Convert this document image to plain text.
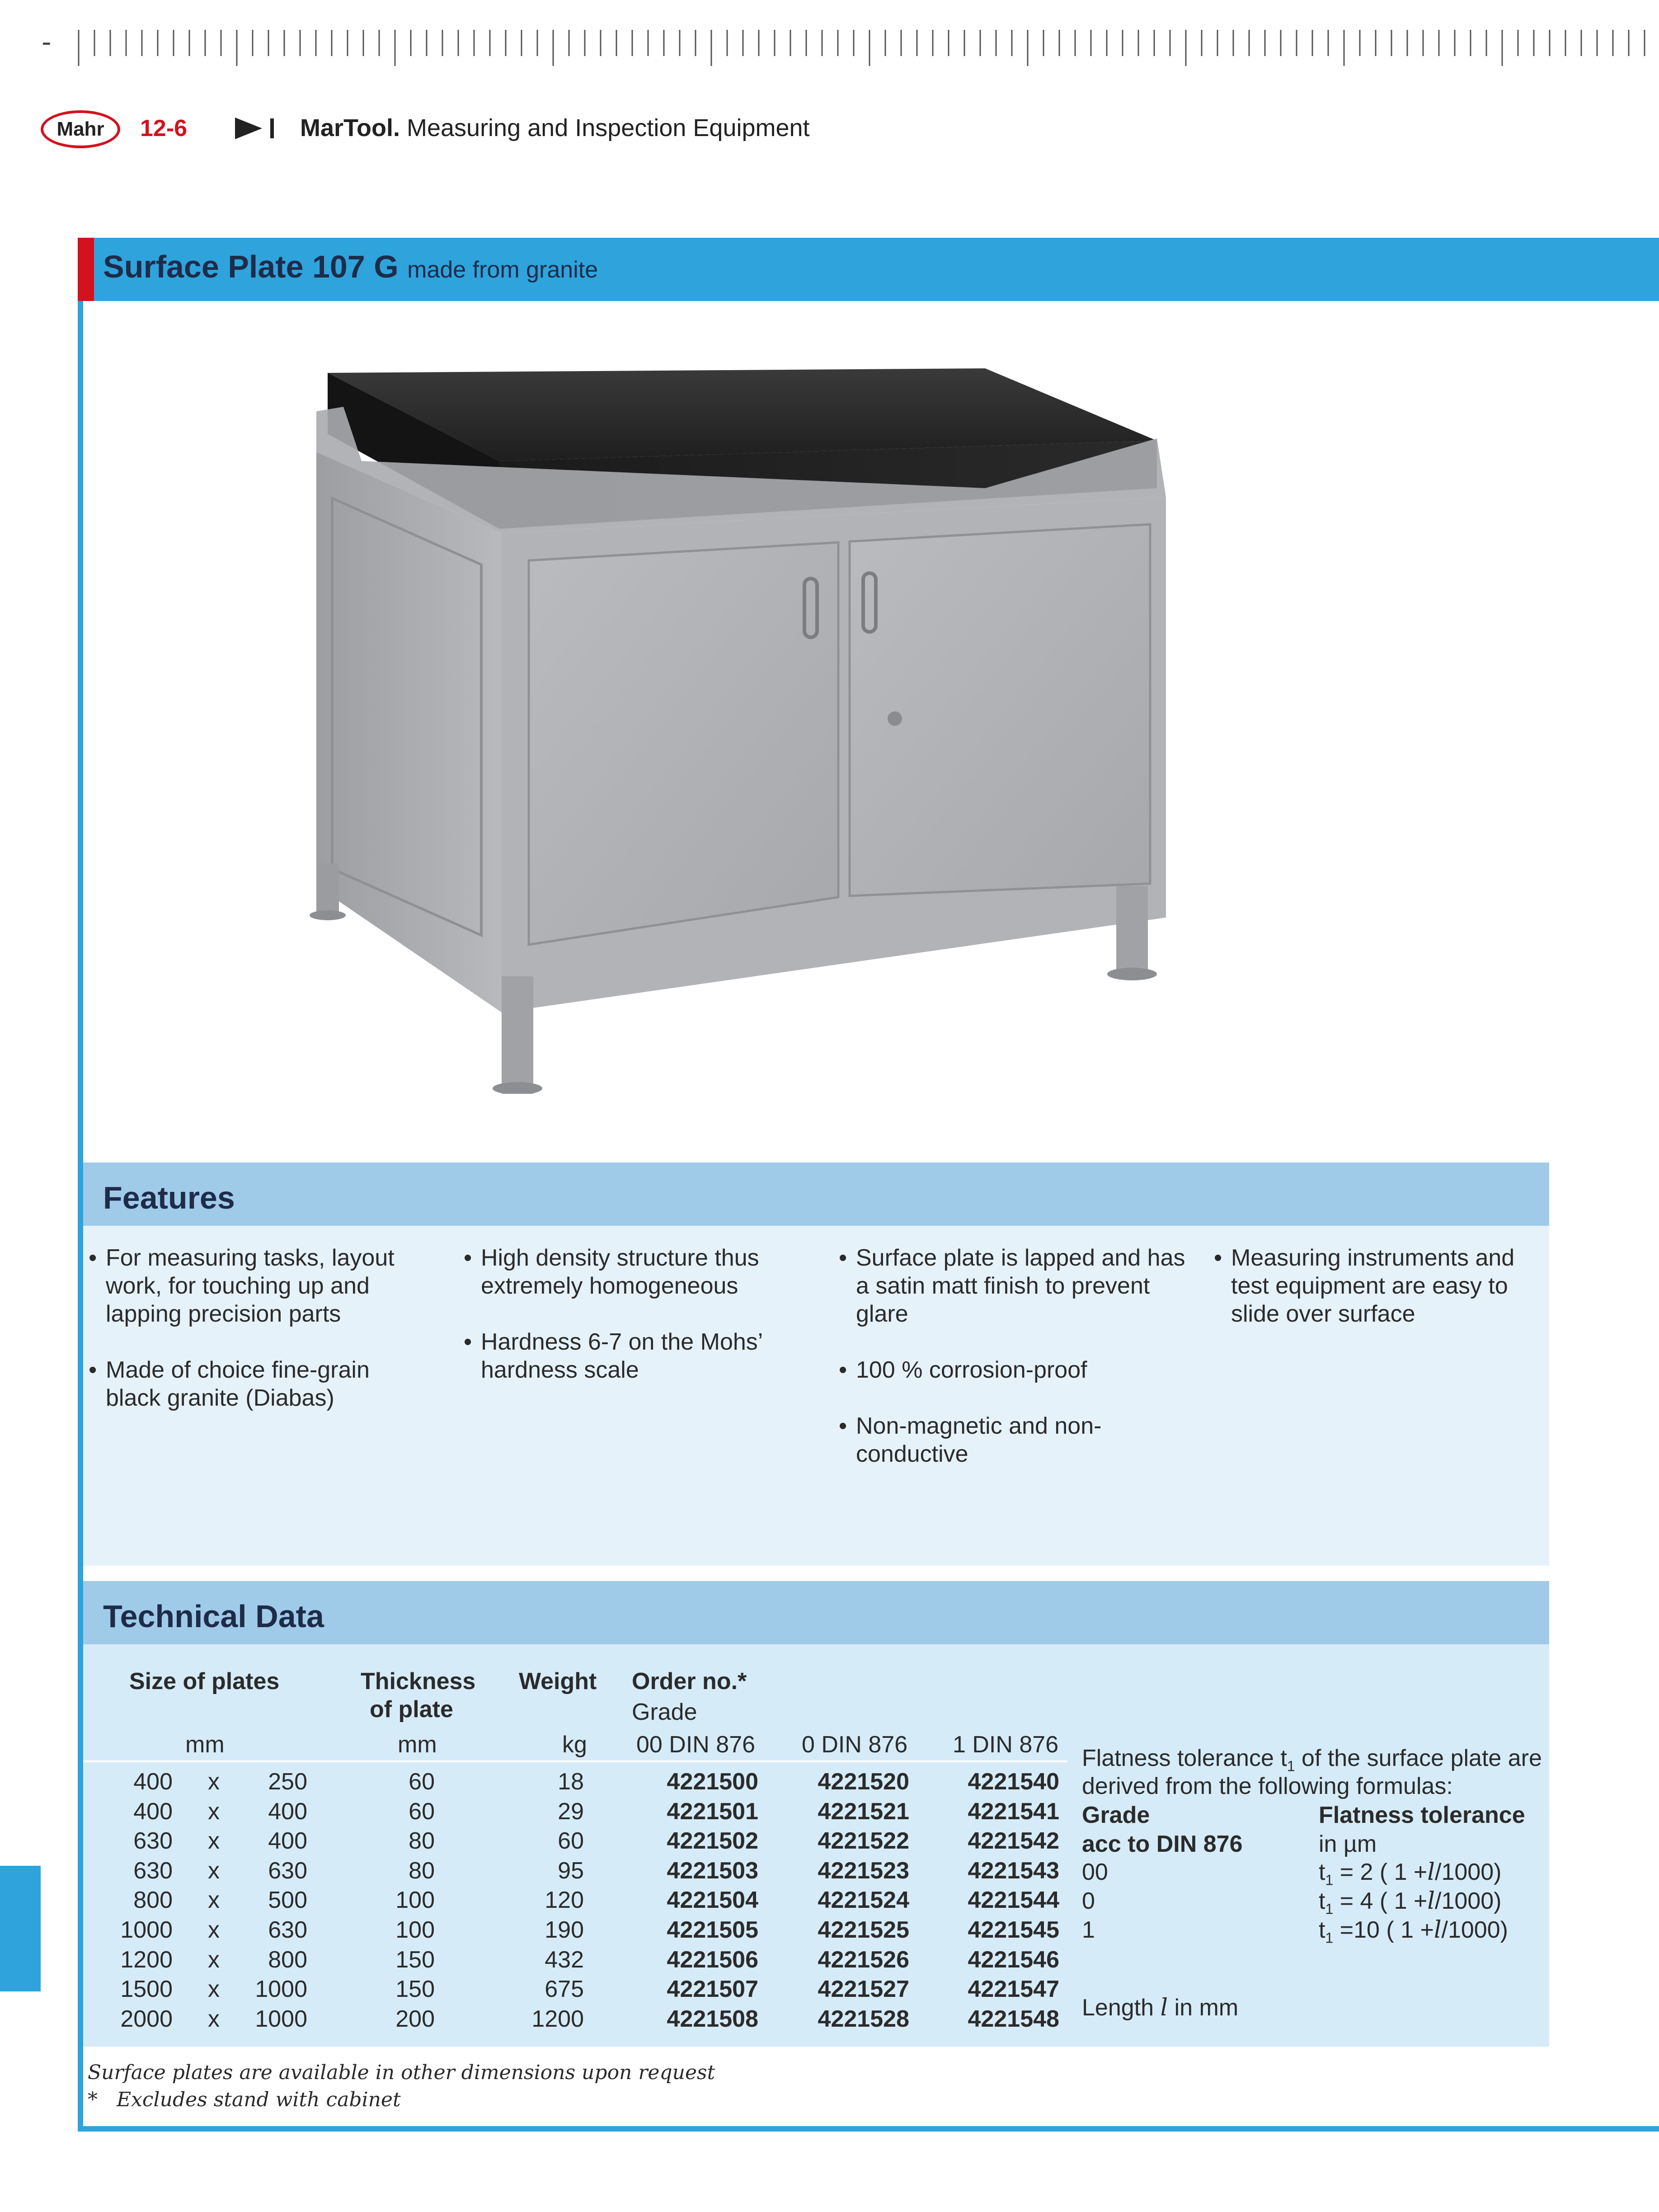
-
Mahr 12-6	MarTool. Measuring and Inspection Equipment
Surface Plate 107 G made from granite
Features
• For measuring tasks, layout work, for touching up and lapping precision parts
• Made of choice fine-grain black granite (Diabas)
• High density structure thus extremely homogeneous
• Hardness 6-7 on the Mohs’ hardness scale
• Surface plate is lapped and has a satin matt finish to prevent glare
• 100 % corrosion-proof
• Non-magnetic and non-conductive
• Measuring instruments and test equipment are easy to slide over surface
Technical Data
Size of plates
mm
Thickness
of plate
mm
Weight
kg
Order no.*
Grade
00 DIN 876 0 DIN 876 1 DIN 876
400 x 250	60	18	4221500	4221520 4221540
400 x 400	60	29	4221501	4221521 4221541
630 x 400	80	60	4221502	4221522 4221542
630 x 630	80	95	4221503	4221523 4221543
800 x 500	100	120	4221504	4221524 4221544
1000 x 630	100	190	4221505	4221525 4221545
1200 x 800	150	432	4221506	4221526 4221546
1500 x 1000	150	675	4221507	4221527 4221547
2000 x 1000	200	1200	4221508	4221528 4221548
Flatness tolerance $t_1$ of the surface plate are
derived from the following formulas:
Grade
acc to DIN 876
Flatness tolerance
in µm
00	$t_1 = 2$ ( 1 +l/1000)
0	$t_1 = 4$ ( 1 +l/1000)
1	$t_1 =10$ ( 1 +l/1000)
Length l in mm
Surface plates are available in other dimensions upon request
* Excludes stand with cabinet
